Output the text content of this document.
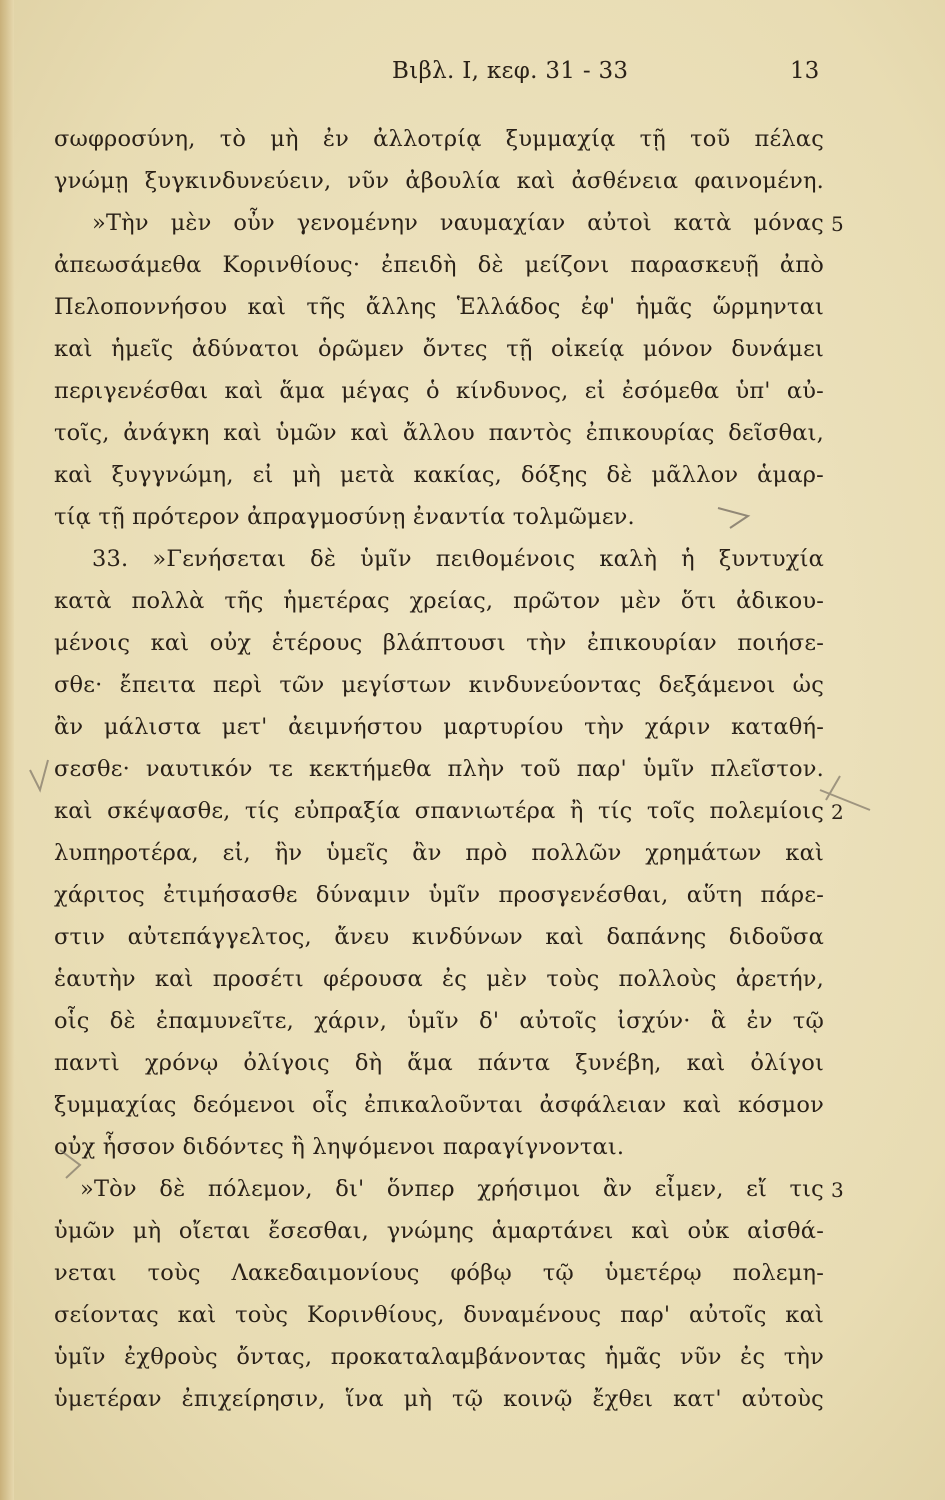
Βιβλ. Ι, κεφ. 31 - 33	13
σωφροσύνη, τὸ μὴ ἐν ἀλλοτρίᾳ ξυμμαχίᾳ τῇ τοῦ πέλας
γνώμῃ ξυγκινδυνεύειν, νῦν ἀβουλία καὶ ἀσθένεια φαινομένη.
»Τὴν μὲν οὖν γενομένην ναυμαχίαν αὐτοὶ κατὰ μόνας
ἀπεωσάμεθα Κορινθίους· ἐπειδὴ δὲ μείζονι παρασκευῇ ἀπὸ
Πελοποννήσου καὶ τῆς ἄλλης Ἑλλάδος ἐφ' ἡμᾶς ὥρμηνται
καὶ ἡμεῖς ἀδύνατοι ὁρῶμεν ὄντες τῇ οἰκείᾳ μόνον δυνάμει
περιγενέσθαι καὶ ἅμα μέγας ὁ κίνδυνος, εἰ ἐσόμεθα ὑπ' αὐ-
τοῖς, ἀνάγκη καὶ ὑμῶν καὶ ἄλλου παντὸς ἐπικουρίας δεῖσθαι,
καὶ ξυγγνώμη, εἰ μὴ μετὰ κακίας, δόξης δὲ μᾶλλον ἁμαρ-
τίᾳ τῇ πρότερον ἀπραγμοσύνῃ ἐναντία τολμῶμεν.
33. »Γενήσεται δὲ ὑμῖν πειθομένοις καλὴ ἡ ξυντυχία
κατὰ πολλὰ τῆς ἡμετέρας χρείας, πρῶτον μὲν ὅτι ἀδικου-
μένοις καὶ οὐχ ἑτέρους βλάπτουσι τὴν ἐπικουρίαν ποιήσε-
σθε· ἔπειτα περὶ τῶν μεγίστων κινδυνεύοντας δεξάμενοι ὡς
ἂν μάλιστα μετ' ἀειμνήστου μαρτυρίου τὴν χάριν καταθή-
σεσθε· ναυτικόν τε κεκτήμεθα πλὴν τοῦ παρ' ὑμῖν πλεῖστον.
καὶ σκέψασθε, τίς εὐπραξία σπανιωτέρα ἢ τίς τοῖς πολεμίοις
λυπηροτέρα, εἰ, ἣν ὑμεῖς ἂν πρὸ πολλῶν χρημάτων καὶ
χάριτος ἐτιμήσασθε δύναμιν ὑμῖν προσγενέσθαι, αὕτη πάρε-
στιν αὐτεπάγγελτος, ἄνευ κινδύνων καὶ δαπάνης διδοῦσα
ἑαυτὴν καὶ προσέτι φέρουσα ἐς μὲν τοὺς πολλοὺς ἀρετήν,
οἷς δὲ ἐπαμυνεῖτε, χάριν, ὑμῖν δ' αὐτοῖς ἰσχύν· ἃ ἐν τῷ
παντὶ χρόνῳ ὀλίγοις δὴ ἅμα πάντα ξυνέβη, καὶ ὀλίγοι
ξυμμαχίας δεόμενοι οἷς ἐπικαλοῦνται ἀσφάλειαν καὶ κόσμον
οὐχ ἧσσον διδόντες ἢ ληψόμενοι παραγίγνονται.
»Τὸν δὲ πόλεμον, δι' ὅνπερ χρήσιμοι ἂν εἶμεν, εἴ τις
ὑμῶν μὴ οἴεται ἔσεσθαι, γνώμης ἁμαρτάνει καὶ οὐκ αἰσθά-
νεται τοὺς Λακεδαιμονίους φόβῳ τῷ ὑμετέρῳ πολεμη-
σείοντας καὶ τοὺς Κορινθίους, δυναμένους παρ' αὐτοῖς καὶ
ὑμῖν ἐχθροὺς ὄντας, προκαταλαμβάνοντας ἡμᾶς νῦν ἐς τὴν
ὑμετέραν ἐπιχείρησιν, ἵνα μὴ τῷ κοινῷ ἔχθει κατ' αὐτοὺς
5
2
3
